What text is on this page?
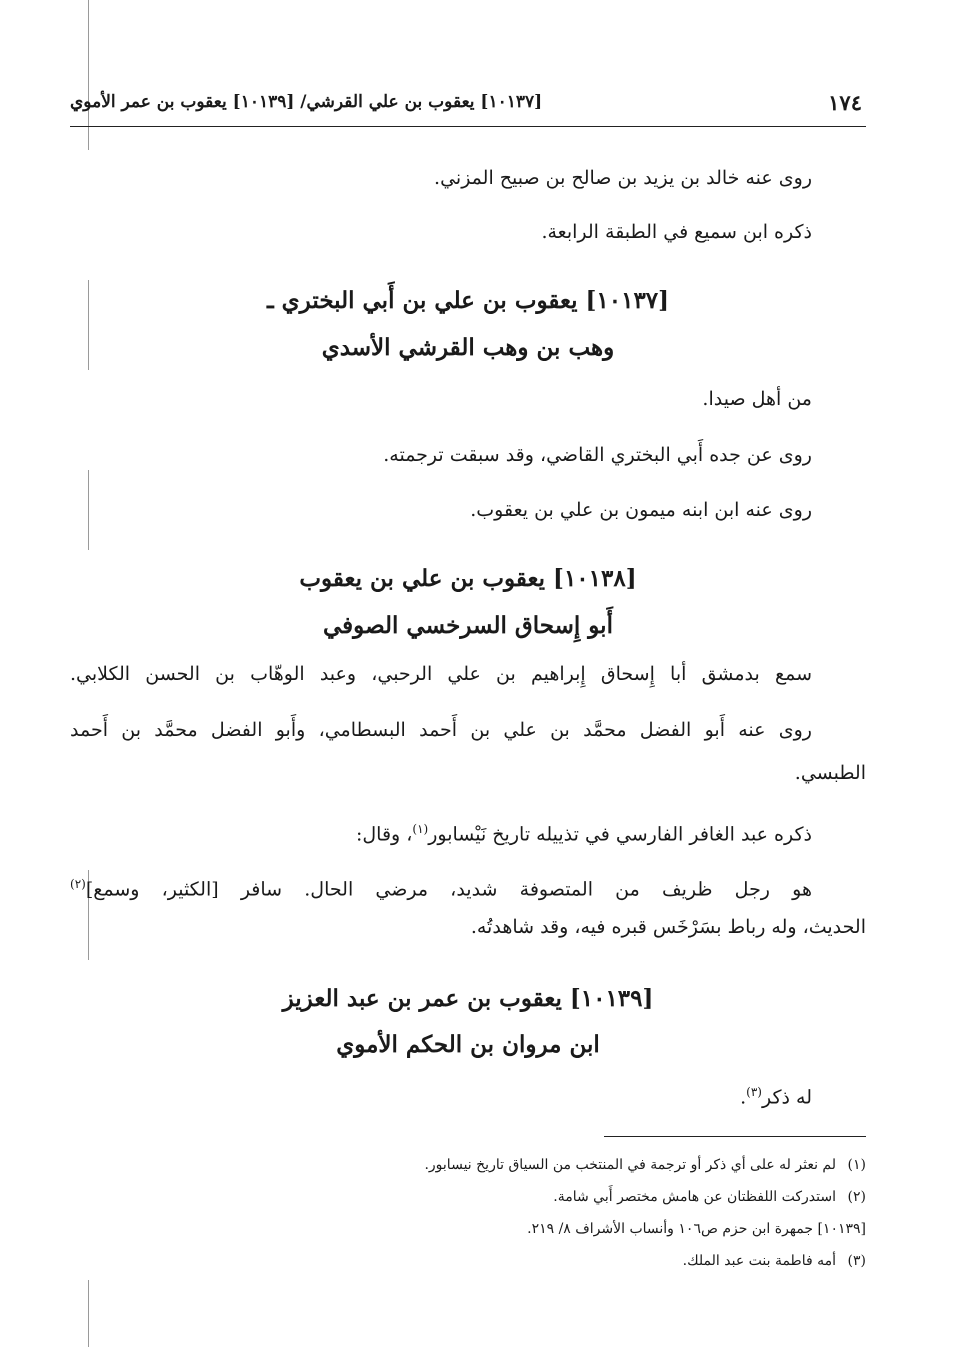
١٧٤
[١٠١٣٧] يعقوب بن علي القرشي/ [١٠١٣٩] يعقوب بن عمر الأموي
روى عنه خالد بن يزيد بن صالح بن صبيح المزني.
ذكره ابن سميع في الطبقة الرابعة.
[١٠١٣٧] يعقوب بن علي بن أَبي البختري ـ
وهب بن وهب القرشي الأسدي
من أهل صيدا.
روى عن جده أَبي البختري القاضي، وقد سبقت ترجمته.
روى عنه ابن ابنه ميمون بن علي بن يعقوب.
[١٠١٣٨] يعقوب بن علي بن يعقوب
أَبو إِسحاق السرخسي الصوفي
سمع بدمشق أبا إِسحاق إِبراهيم بن علي الرحبي، وعبد الوهّاب بن الحسن الكلابي.
روى عنه أَبو الفضل محمَّد بن علي بن أَحمد البسطامي، وأَبو الفضل محمَّد بن أَحمد
الطبسي.
ذكره عبد الغافر الفارسي في تذييله تاريخ نَيْسابور$^{(١)}$، وقال:
هو رجل ظريف من المتصوفة شديد، مرضي الحال. سافر [الكثير، وسمع]$^{(٢)}$
الحديث، وله رباط بسَرْخَس قبره فيه، وقد شاهدتُه.
[١٠١٣٩] يعقوب بن عمر بن عبد العزيز
ابن مروان بن الحكم الأموي
له ذكر$^{(٣)}$.
(١)لم نعثر له على أي ذكر أو ترجمة في المنتخب من السياق تاريخ نيسابور.
(٢)استدركت اللفظتان عن هامش مختصر أَبي شامة.
[١٠١٣٩] جمهرة ابن حزم ص١٠٦ وأنساب الأشراف ٨/ ٢١٩.
(٣)أمه فاطمة بنت عبد الملك.
